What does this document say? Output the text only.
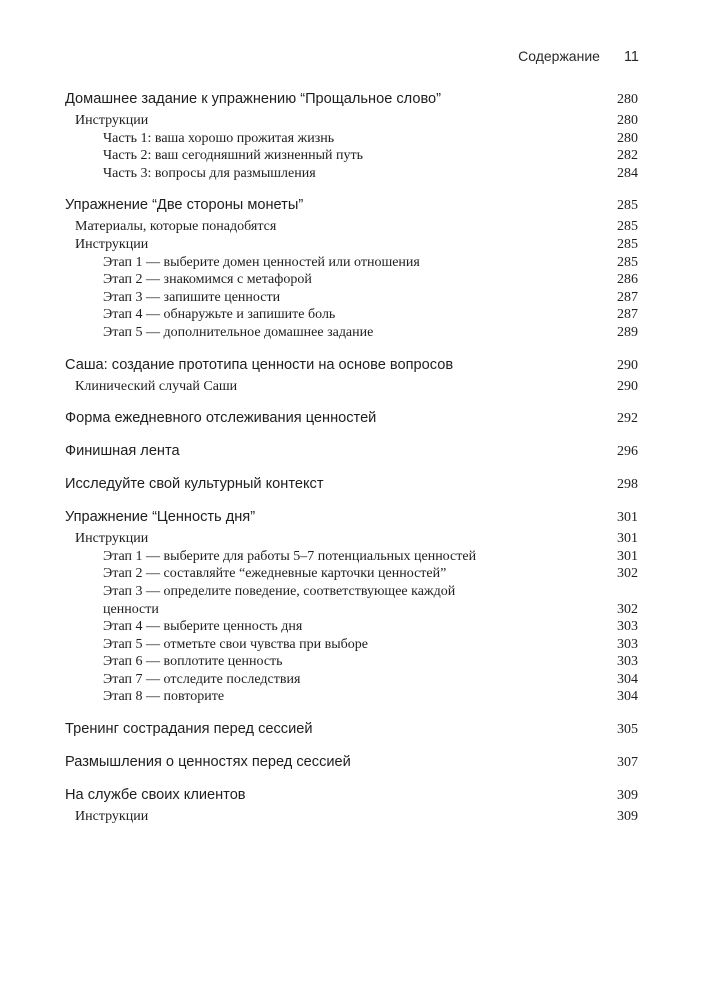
Содержание 11
Домашнее задание к упражнению “Прощальное слово”	280
Инструкции	280
Часть 1: ваша хорошо прожитая жизнь	280
Часть 2: ваш сегодняшний жизненный путь	282
Часть 3: вопросы для размышления	284
Упражнение “Две стороны монеты”	285
Материалы, которые понадобятся	285
Инструкции	285
Этап 1 — выберите домен ценностей или отношения	285
Этап 2 — знакомимся с метафорой	286
Этап 3 — запишите ценности	287
Этап 4 — обнаружьте и запишите боль	287
Этап 5 — дополнительное домашнее задание	289
Саша: создание прототипа ценности на основе вопросов	290
Клинический случай Саши	290
Форма ежедневного отслеживания ценностей	292
Финишная лента	296
Исследуйте свой культурный контекст	298
Упражнение “Ценность дня”	301
Инструкции	301
Этап 1 — выберите для работы 5–7 потенциальных ценностей	301
Этап 2 — составляйте “ежедневные карточки ценностей”	302
Этап 3 — определите поведение, соответствующее каждой
ценности	302
Этап 4 — выберите ценность дня	303
Этап 5 — отметьте свои чувства при выборе	303
Этап 6 — воплотите ценность	303
Этап 7 — отследите последствия	304
Этап 8 — повторите	304
Тренинг сострадания перед сессией	305
Размышления о ценностях перед сессией	307
На службе своих клиентов	309
Инструкции	309
